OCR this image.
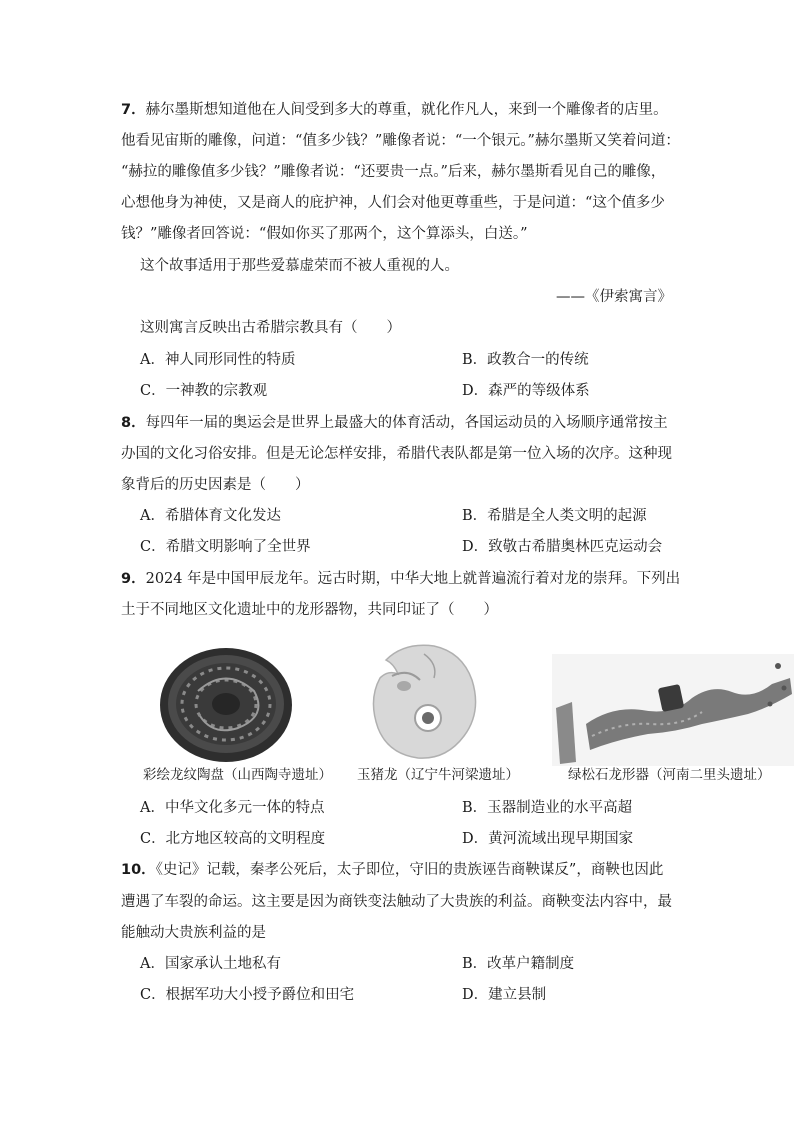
7．赫尔墨斯想知道他在人间受到多大的尊重，就化作凡人，来到一个雕像者的店里。
他看见宙斯的雕像，问道：“值多少钱？”雕像者说：“一个银元。”赫尔墨斯又笑着问道：
“赫拉的雕像值多少钱？”雕像者说：“还要贵一点。”后来，赫尔墨斯看见自己的雕像，
心想他身为神使，又是商人的庇护神，人们会对他更尊重些，于是问道：“这个值多少
钱？”雕像者回答说：“假如你买了那两个，这个算添头，白送。”
这个故事适用于那些爱慕虚荣而不被人重视的人。
——《伊索寓言》
这则寓言反映出古希腊宗教具有（　　）
A．神人同形同性的特质	B．政教合一的传统
C．一神教的宗教观	D．森严的等级体系
8．每四年一届的奥运会是世界上最盛大的体育活动，各国运动员的入场顺序通常按主
办国的文化习俗安排。但是无论怎样安排，希腊代表队都是第一位入场的次序。这种现
象背后的历史因素是（　　）
A．希腊体育文化发达	B．希腊是全人类文明的起源
C．希腊文明影响了全世界	D．致敬古希腊奥林匹克运动会
9．2024 年是中国甲辰龙年。远古时期，中华大地上就普遍流行着对龙的崇拜。下列出
土于不同地区文化遗址中的龙形器物，共同印证了（　　）
彩绘龙纹陶盘（山西陶寺遗址） 玉猪龙（辽宁牛河梁遗址）	绿松石龙形器（河南二里头遗址）
A．中华文化多元一体的特点	B．玉器制造业的水平高超
C．北方地区较高的文明程度	D．黄河流域出现早期国家
10．《史记》记载，秦孝公死后，太子即位，守旧的贵族诬告商鞅谋反”，商鞅也因此
遭遇了车裂的命运。这主要是因为商铁变法触动了大贵族的利益。商鞅变法内容中，最
能触动大贵族利益的是
A．国家承认土地私有	B．改革户籍制度
C．根据军功大小授予爵位和田宅	D．建立县制
